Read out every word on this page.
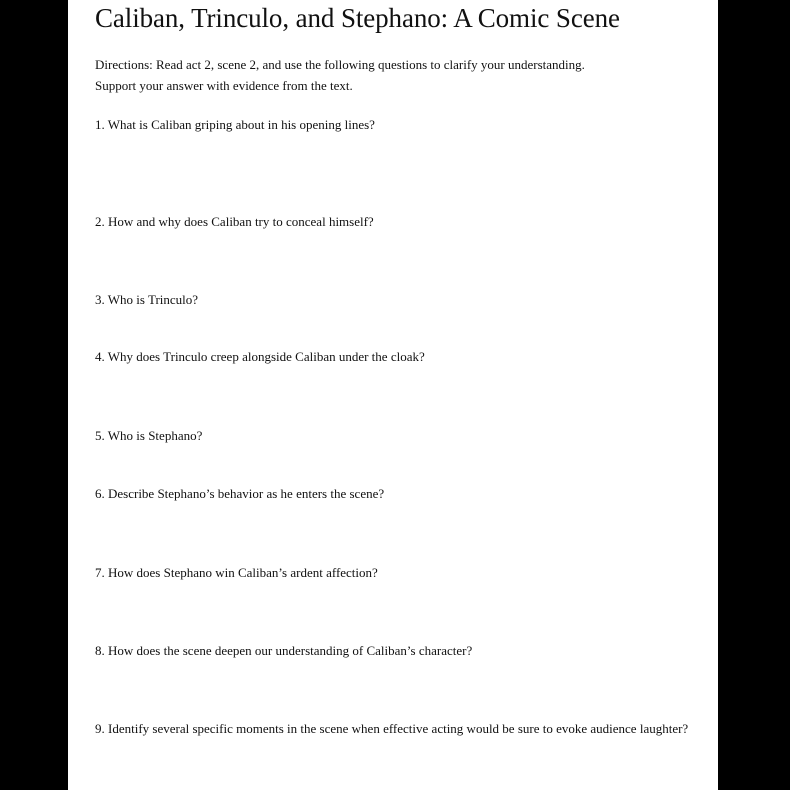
Caliban, Trinculo, and Stephano: A Comic Scene

Directions: Read act 2, scene 2, and use the following questions to clarify your understanding.
Support your answer with evidence from the text.

1. What is Caliban griping about in his opening lines?

2. How and why does Caliban try to conceal himself?

3. Who is Trinculo?

4. Why does Trinculo creep alongside Caliban under the cloak?

5. Who is Stephano?

6. Describe Stephano’s behavior as he enters the scene?

7. How does Stephano win Caliban’s ardent affection?

8. How does the scene deepen our understanding of Caliban’s character?

9. Identify several specific moments in the scene when effective acting would be sure to evoke audience laughter?
